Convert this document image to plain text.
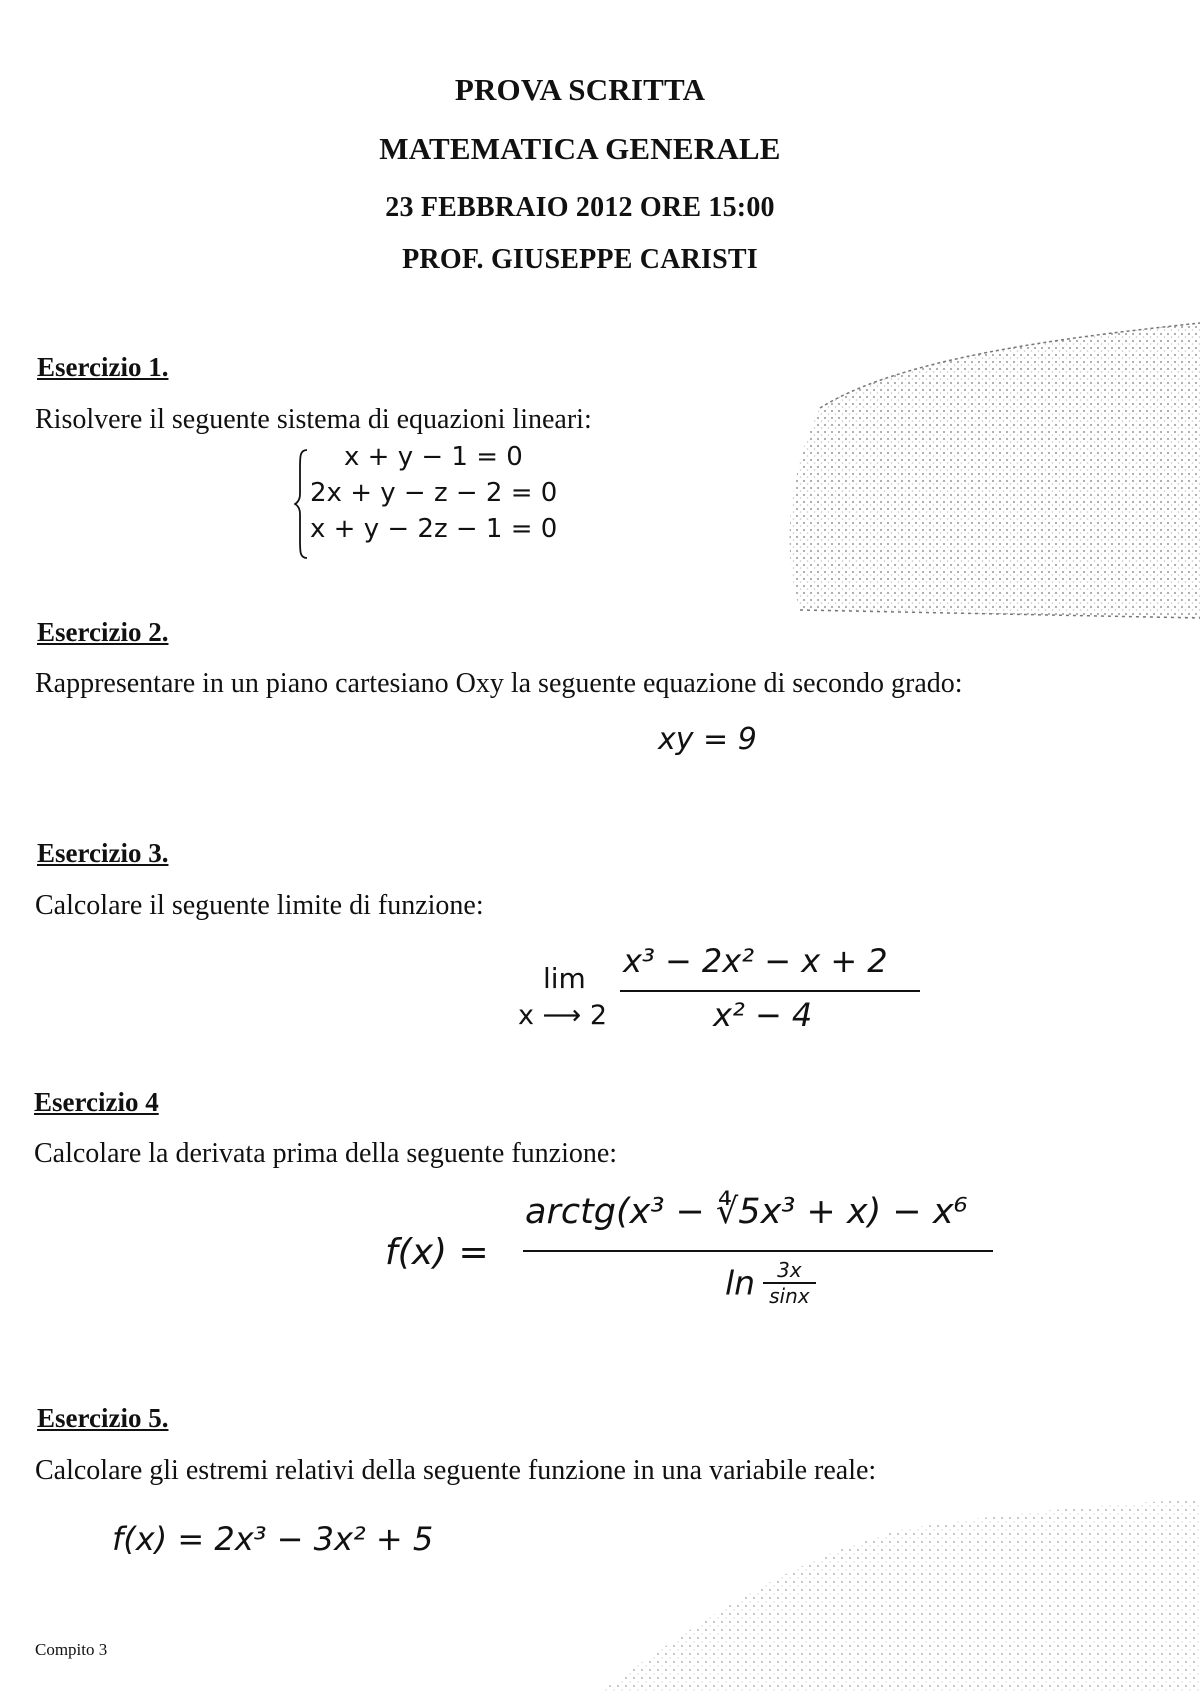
PROVA SCRITTA
MATEMATICA GENERALE
23 FEBBRAIO 2012 ORE 15:00
PROF. GIUSEPPE CARISTI
Esercizio 1.
Risolvere il seguente sistema di equazioni lineari:
x + y − 1 = 0
2x + y − z − 2 = 0
x + y − 2z − 1 = 0
Esercizio 2.
Rappresentare in un piano cartesiano Oxy la seguente equazione di secondo grado:
xy = 9
Esercizio 3.
Calcolare il seguente limite di funzione:
lim
x ⟶ 2
x³ − 2x² − x + 2
x² − 4
Esercizio 4
Calcolare la derivata prima della seguente funzione:
f(x) =
arctg(x³ − ∜5x³ + x) − x⁶
$\ln \frac{3x}{\sin x}$
Esercizio 5.
Calcolare gli estremi relativi della seguente funzione in una variabile reale:
f(x) = 2x³ − 3x² + 5
Compito 3
